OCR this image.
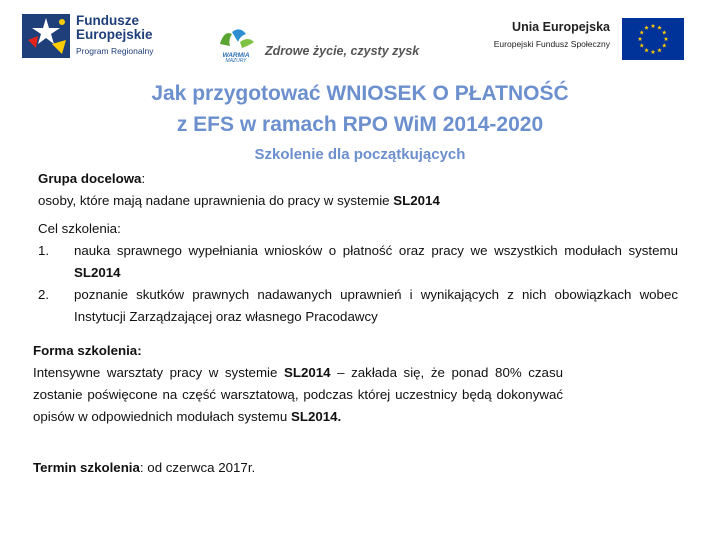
Fundusze
Europejskie
Program Regionalny	WARMIA
MAZURY
Zdrowe życie, czysty zysk
Unia Europejska
Europejski Fundusz Społeczny
Jak przygotować WNIOSEK O PŁATNOŚĆ
z EFS w ramach RPO WiM 2014-2020
Szkolenie dla początkujących
Grupa docelowa:
osoby, które mają nadane uprawnienia do pracy w systemie SL2014
Cel szkolenia:
1. nauka sprawnego wypełniania wniosków o płatność oraz pracy we wszystkich modułach systemu SL2014
2. poznanie skutków prawnych nadawanych uprawnień i wynikających z nich obowiązkach wobec Instytucji Zarządzającej oraz własnego Pracodawcy
Forma szkolenia:

Intensywne warsztaty pracy w systemie SL2014 – zakłada się, że ponad 80% czasu zostanie poświęcone na część warsztatową, podczas której uczestnicy będą dokonywać opisów w odpowiednich modułach systemu SL2014.

Termin szkolenia: od czerwca 2017r.
